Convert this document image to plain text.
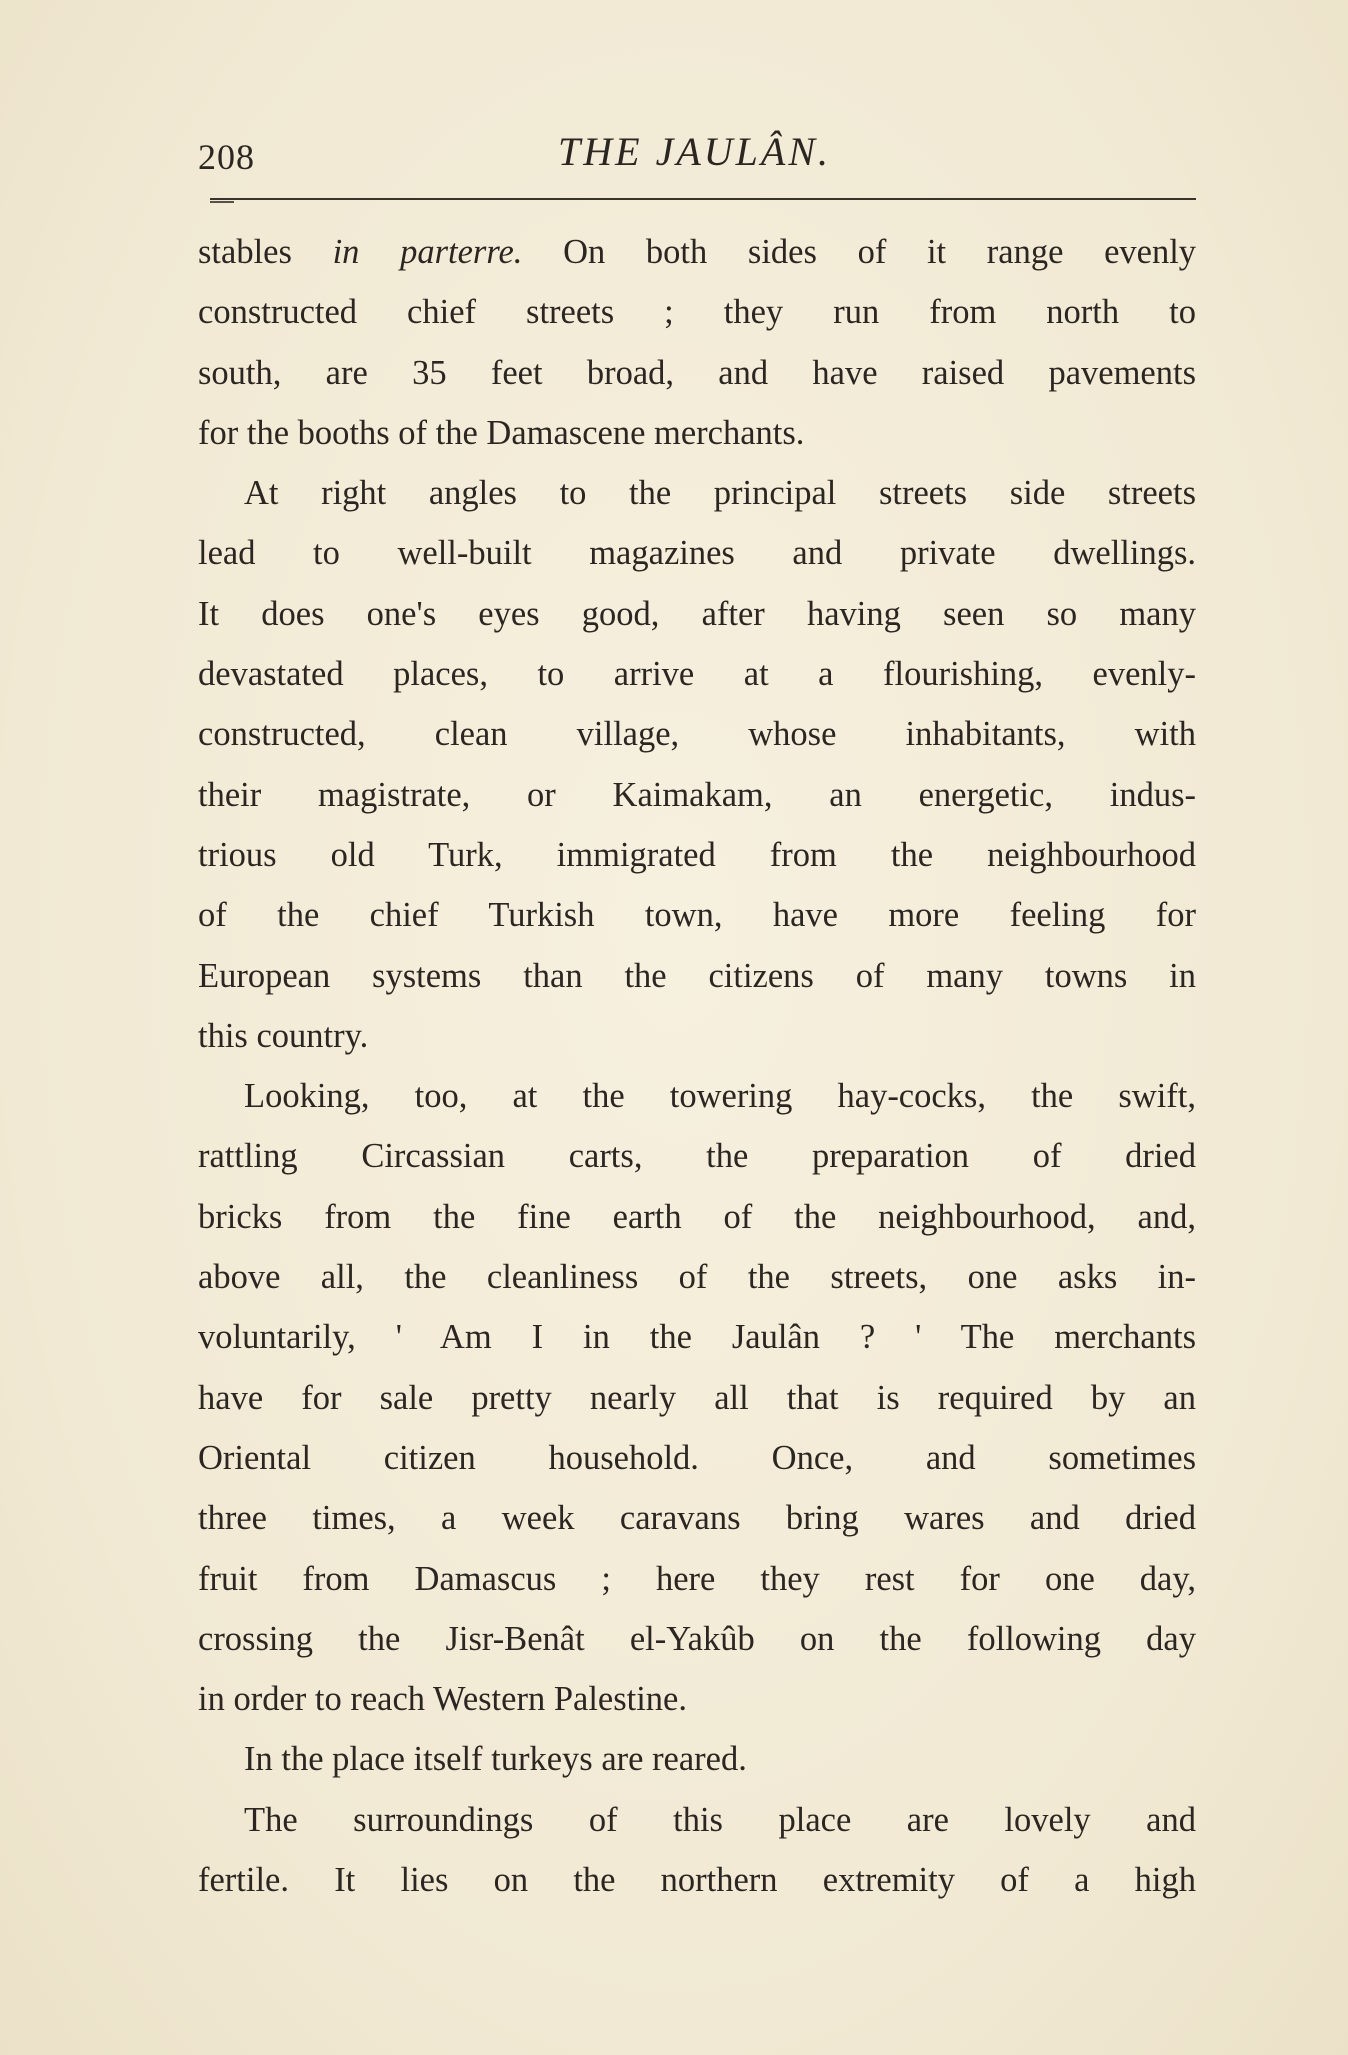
208	THE JAULÂN.
stables in parterre. On both sides of it range evenly
constructed chief streets ; they run from north to
south, are 35 feet broad, and have raised pavements
for the booths of the Damascene merchants.
At right angles to the principal streets side streets
lead to well-built magazines and private dwellings.
It does one's eyes good, after having seen so many
devastated places, to arrive at a flourishing, evenly-
constructed, clean village, whose inhabitants, with
their magistrate, or Kaimakam, an energetic, indus-
trious old Turk, immigrated from the neighbourhood
of the chief Turkish town, have more feeling for
European systems than the citizens of many towns in
this country.
Looking, too, at the towering hay-cocks, the swift,
rattling Circassian carts, the preparation of dried
bricks from the fine earth of the neighbourhood, and,
above all, the cleanliness of the streets, one asks in-
voluntarily, ' Am I in the Jaulân ? ' The merchants
have for sale pretty nearly all that is required by an
Oriental citizen household. Once, and sometimes
three times, a week caravans bring wares and dried
fruit from Damascus ; here they rest for one day,
crossing the Jisr-Benât el-Yakûb on the following day
in order to reach Western Palestine.
In the place itself turkeys are reared.
The surroundings of this place are lovely and
fertile. It lies on the northern extremity of a high
